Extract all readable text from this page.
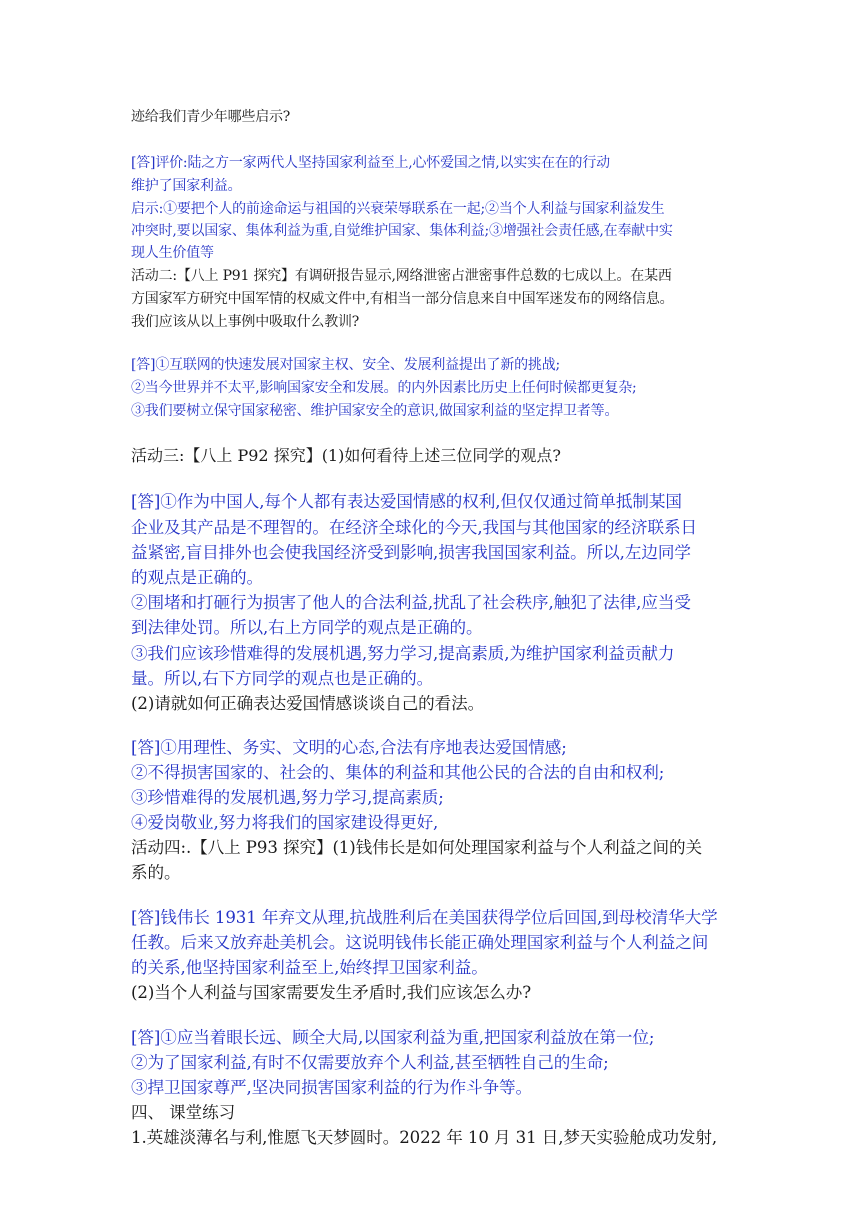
迹给我们青少年哪些启示?
[答]评价:陆之方一家两代人坚持国家利益至上,心怀爱国之情,以实实在在的行动
维护了国家利益。
启示:①要把个人的前途命运与祖国的兴衰荣辱联系在一起;②当个人利益与国家利益发生
冲突时,要以国家、集体利益为重,自觉维护国家、集体利益;③增强社会责任感,在奉献中实
现人生价值等
活动二:【八上 P91 探究】有调研报告显示,网络泄密占泄密事件总数的七成以上。在某西
方国家军方研究中国军情的权威文件中,有相当一部分信息来自中国军迷发布的网络信息。
我们应该从以上事例中吸取什么教训?
[答]①互联网的快速发展对国家主权、安全、发展利益提出了新的挑战;
②当今世界并不太平,影响国家安全和发展。的内外因素比历史上任何时候都更复杂;
③我们要树立保守国家秘密、维护国家安全的意识,做国家利益的坚定捍卫者等。
活动三:【八上 P92 探究】(1)如何看待上述三位同学的观点?
[答]①作为中国人,每个人都有表达爱国情感的权利,但仅仅通过简单抵制某国
企业及其产品是不理智的。在经济全球化的今天,我国与其他国家的经济联系日
益紧密,盲目排外也会使我国经济受到影响,损害我国国家利益。所以,左边同学
的观点是正确的。
②围堵和打砸行为损害了他人的合法利益,扰乱了社会秩序,触犯了法律,应当受
到法律处罚。所以,右上方同学的观点是正确的。
③我们应该珍惜难得的发展机遇,努力学习,提高素质,为维护国家利益贡献力
量。所以,右下方同学的观点也是正确的。
(2)请就如何正确表达爱国情感谈谈自己的看法。
[答]①用理性、务实、文明的心态,合法有序地表达爱国情感;
②不得损害国家的、社会的、集体的利益和其他公民的合法的自由和权利;
③珍惜难得的发展机遇,努力学习,提高素质;
④爱岗敬业,努力将我们的国家建设得更好,
活动四:.【八上 P93 探究】(1)钱伟长是如何处理国家利益与个人利益之间的关
系的。
[答]钱伟长 1931 年弃文从理,抗战胜利后在美国获得学位后回国,到母校清华大学
任教。后来又放弃赴美机会。这说明钱伟长能正确处理国家利益与个人利益之间
的关系,他坚持国家利益至上,始终捍卫国家利益。
(2)当个人利益与国家需要发生矛盾时,我们应该怎么办?
[答]①应当着眼长远、顾全大局,以国家利益为重,把国家利益放在第一位;
②为了国家利益,有时不仅需要放弃个人利益,甚至牺牲自己的生命;
③捍卫国家尊严,坚决同损害国家利益的行为作斗争等。
四、 课堂练习
1.英雄淡薄名与利,惟愿飞天梦圆时。2022 年 10 月 31 日,梦天实验舱成功发射,
